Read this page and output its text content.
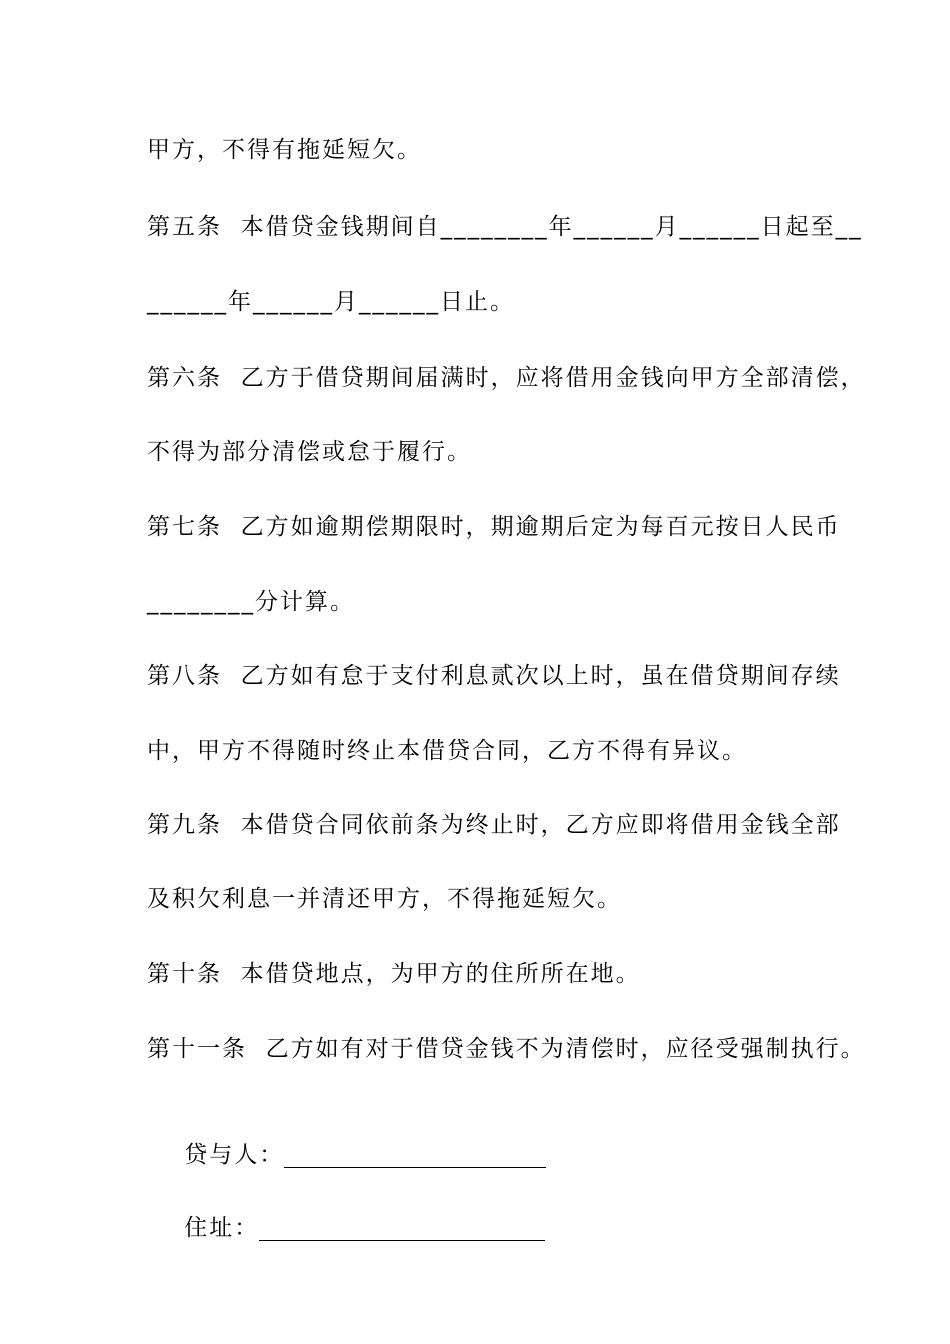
甲方，不得有拖延短欠。
第五条  本借贷金钱期间自________年______月______日起至__
______年______月______日止。
第六条  乙方于借贷期间届满时，应将借用金钱向甲方全部清偿，
不得为部分清偿或怠于履行。
第七条  乙方如逾期偿期限时，期逾期后定为每百元按日人民币
________分计算。
第八条  乙方如有怠于支付利息贰次以上时，虽在借贷期间存续
中，甲方不得随时终止本借贷合同，乙方不得有异议。
第九条  本借贷合同依前条为终止时，乙方应即将借用金钱全部
及积欠利息一并清还甲方，不得拖延短欠。
第十条  本借贷地点，为甲方的住所所在地。
第十一条  乙方如有对于借贷金钱不为清偿时，应径受强制执行。

贷与人：

住址：
